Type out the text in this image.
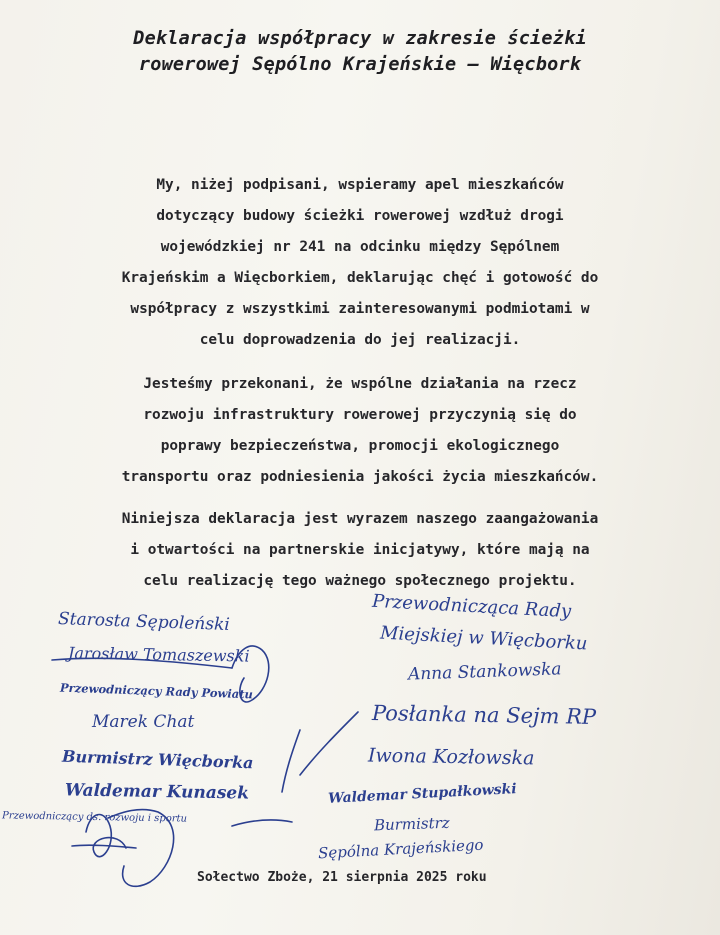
Deklaracja współpracy w zakresie ścieżki
rowerowej Sępólno Krajeńskie – Więcbork
My, niżej podpisani, wspieramy apel mieszkańców
dotyczący budowy ścieżki rowerowej wzdłuż drogi
wojewódzkiej nr 241 na odcinku między Sępólnem
Krajeńskim a Więcborkiem, deklarując chęć i gotowość do
współpracy z wszystkimi zainteresowanymi podmiotami w
celu doprowadzenia do jej realizacji.
Jesteśmy przekonani, że wspólne działania na rzecz
rozwoju infrastruktury rowerowej przyczynią się do
poprawy bezpieczeństwa, promocji ekologicznego
transportu oraz podniesienia jakości życia mieszkańców.
Niniejsza deklaracja jest wyrazem naszego zaangażowania
i otwartości na partnerskie inicjatywy, które mają na
celu realizację tego ważnego społecznego projektu.
Starosta Sępoleński
Jarosław Tomaszewski
Przewodniczący Rady Powiatu
Marek Chat
Burmistrz Więcborka
Waldemar Kunasek
Przewodniczący ds. rozwoju i sportu
Przewodnicząca Rady
Miejskiej w Więcborku
Anna Stankowska
Posłanka na Sejm RP
Iwona Kozłowska
Waldemar Stupałkowski
Burmistrz
Sępólna Krajeńskiego
Sołectwo Zboże, 21 sierpnia 2025 roku
